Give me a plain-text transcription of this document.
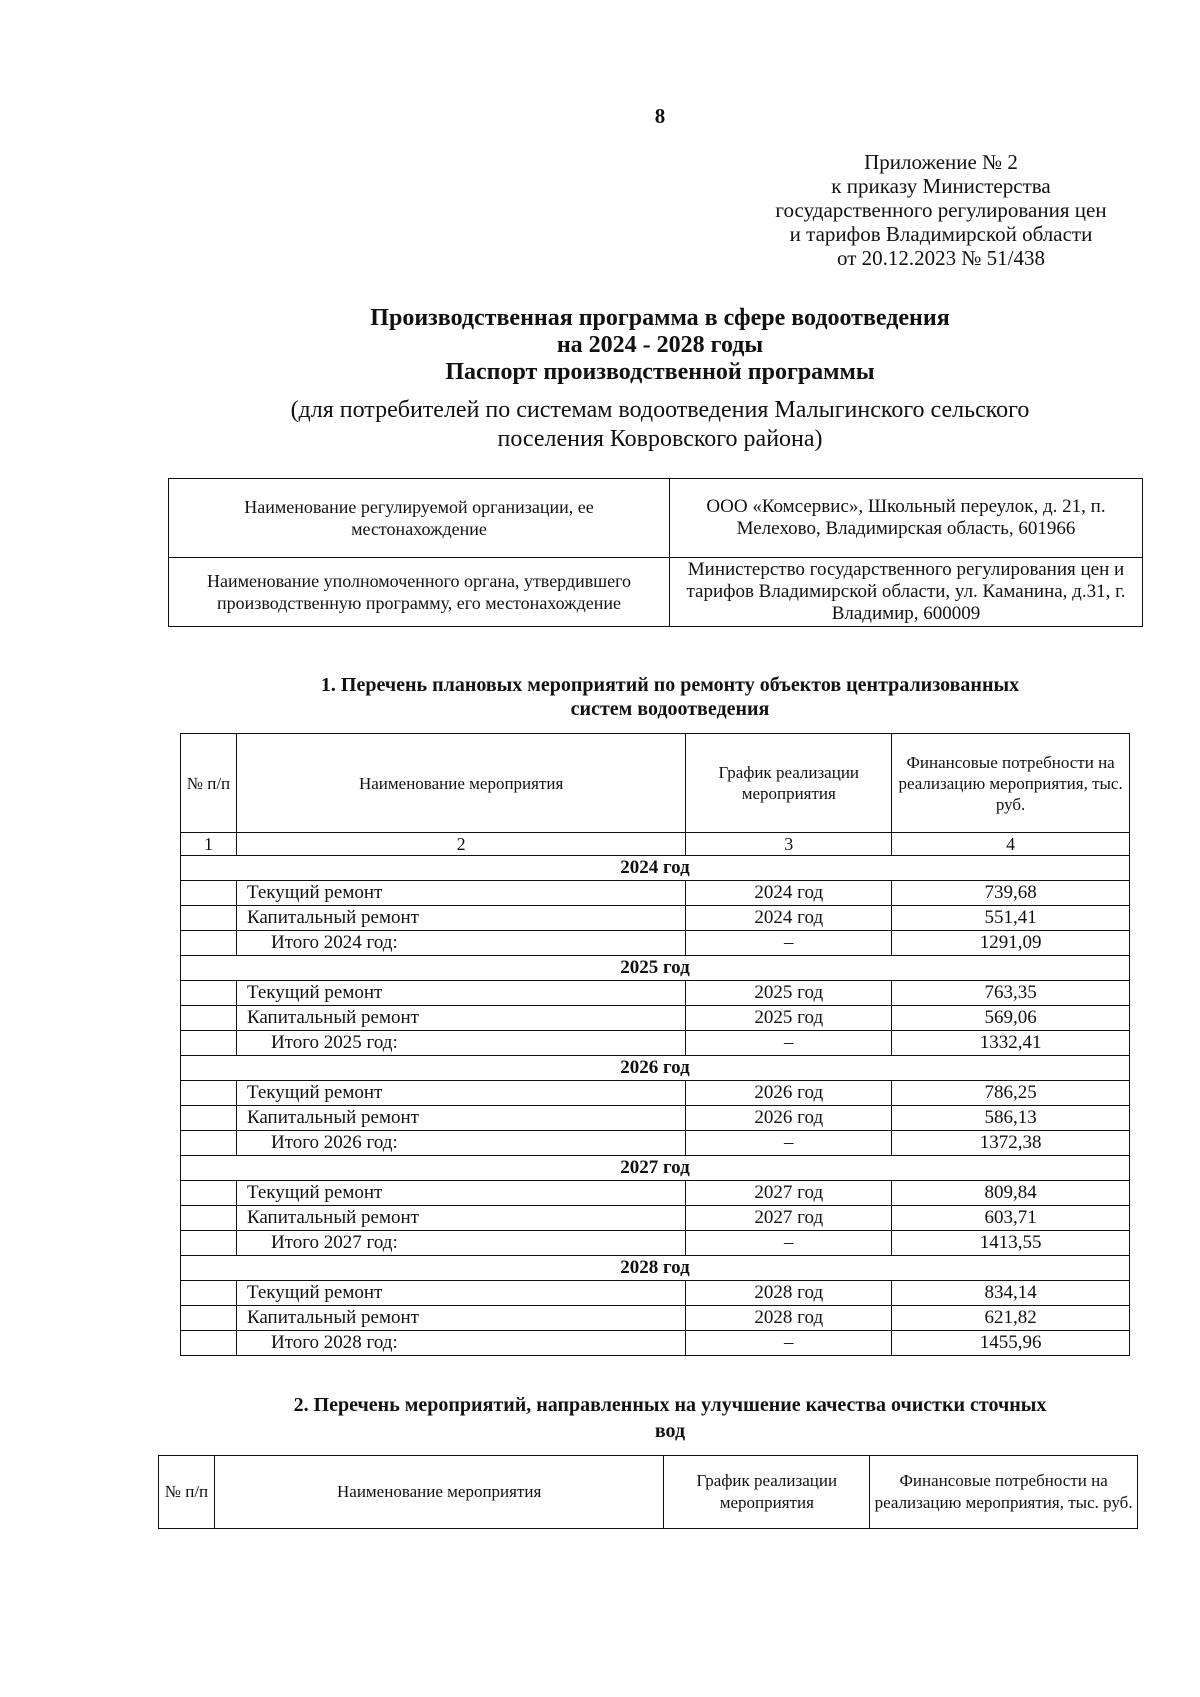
8
Приложение № 2
к приказу Министерства
государственного регулирования цен
и тарифов Владимирской области
от 20.12.2023 № 51/438
Производственная программа в сфере водоотведения
на 2024 - 2028 годы
Паспорт производственной программы
(для потребителей по системам водоотведения Малыгинского сельского
поселения Ковровского района)
Наименование регулируемой организации, ее местонахождение	ООО «Комсервис», Школьный переулок, д. 21, п. Мелехово, Владимирская область, 601966
Наименование уполномоченного органа, утвердившего производственную программу, его местонахождение	Министерство государственного регулирования цен и тарифов Владимирской области, ул. Каманина, д.31, г. Владимир, 600009
1. Перечень плановых мероприятий по ремонту объектов централизованных
систем водоотведения
№ п/п	Наименование мероприятия	График реализации мероприятия	Финансовые потребности на реализацию мероприятия, тыс. руб.
1	2	3	4
2024 год			
	Текущий ремонт	2024 год	739,68
	Капитальный ремонт	2024 год	551,41
	Итого 2024 год:	–	1291,09
2025 год			
	Текущий ремонт	2025 год	763,35
	Капитальный ремонт	2025 год	569,06
	Итого 2025 год:	–	1332,41
2026 год			
	Текущий ремонт	2026 год	786,25
	Капитальный ремонт	2026 год	586,13
	Итого 2026 год:	–	1372,38
2027 год			
	Текущий ремонт	2027 год	809,84
	Капитальный ремонт	2027 год	603,71
	Итого 2027 год:	–	1413,55
2028 год			
	Текущий ремонт	2028 год	834,14
	Капитальный ремонт	2028 год	621,82
	Итого 2028 год:	–	1455,96
2. Перечень мероприятий, направленных на улучшение качества очистки сточных
вод
№ п/п	Наименование мероприятия	График реализации мероприятия	Финансовые потребности на реализацию мероприятия, тыс. руб.
